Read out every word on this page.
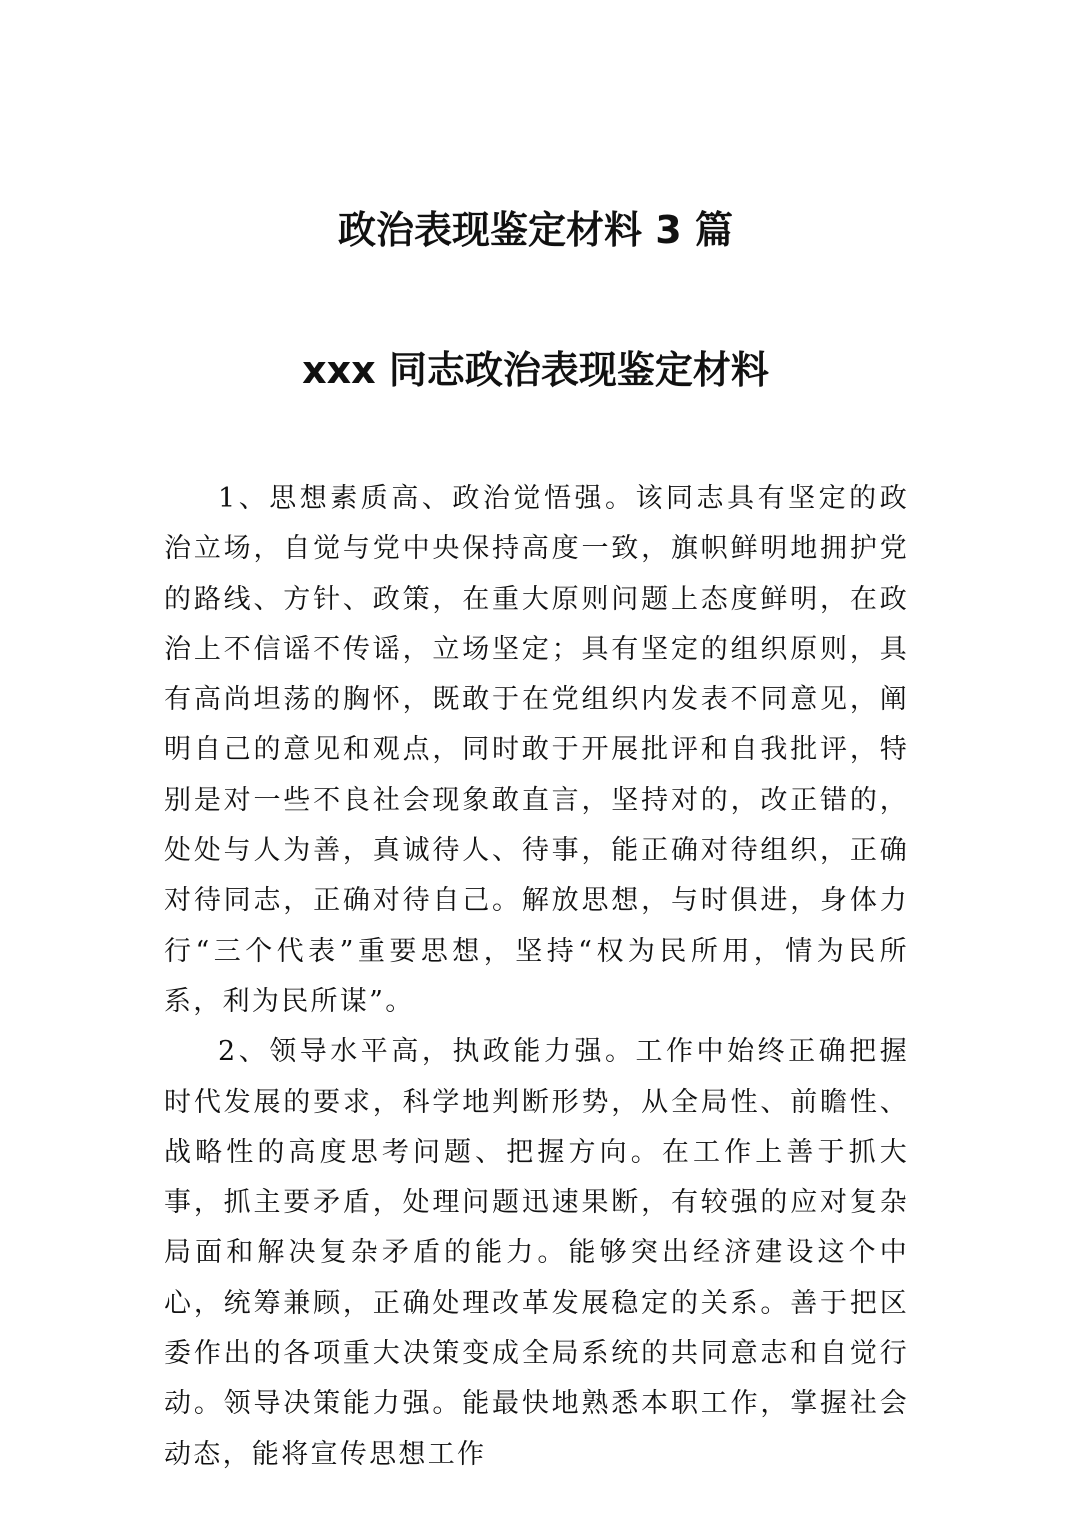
政治表现鉴定材料 3 篇
xxx 同志政治表现鉴定材料

1、思想素质高、政治觉悟强。该同志具有坚定的政治立场，自觉与党中央保持高度一致，旗帜鲜明地拥护党的路线、方针、政策，在重大原则问题上态度鲜明，在政治上不信谣不传谣，立场坚定；具有坚定的组织原则，具有高尚坦荡的胸怀，既敢于在党组织内发表不同意见，阐明自己的意见和观点，同时敢于开展批评和自我批评，特别是对一些不良社会现象敢直言，坚持对的，改正错的，处处与人为善，真诚待人、待事，能正确对待组织，正确对待同志，正确对待自己。解放思想，与时俱进，身体力行“三个代表”重要思想，坚持“权为民所用，情为民所系，利为民所谋”。

2、领导水平高，执政能力强。工作中始终正确把握时代发展的要求，科学地判断形势，从全局性、前瞻性、战略性的高度思考问题、把握方向。在工作上善于抓大事，抓主要矛盾，处理问题迅速果断，有较强的应对复杂局面和解决复杂矛盾的能力。能够突出经济建设这个中心，统筹兼顾，正确处理改革发展稳定的关系。善于把区委作出的各项重大决策变成全局系统的共同意志和自觉行动。领导决策能力强。能最快地熟悉本职工作，掌握社会动态，能将宣传思想工作
